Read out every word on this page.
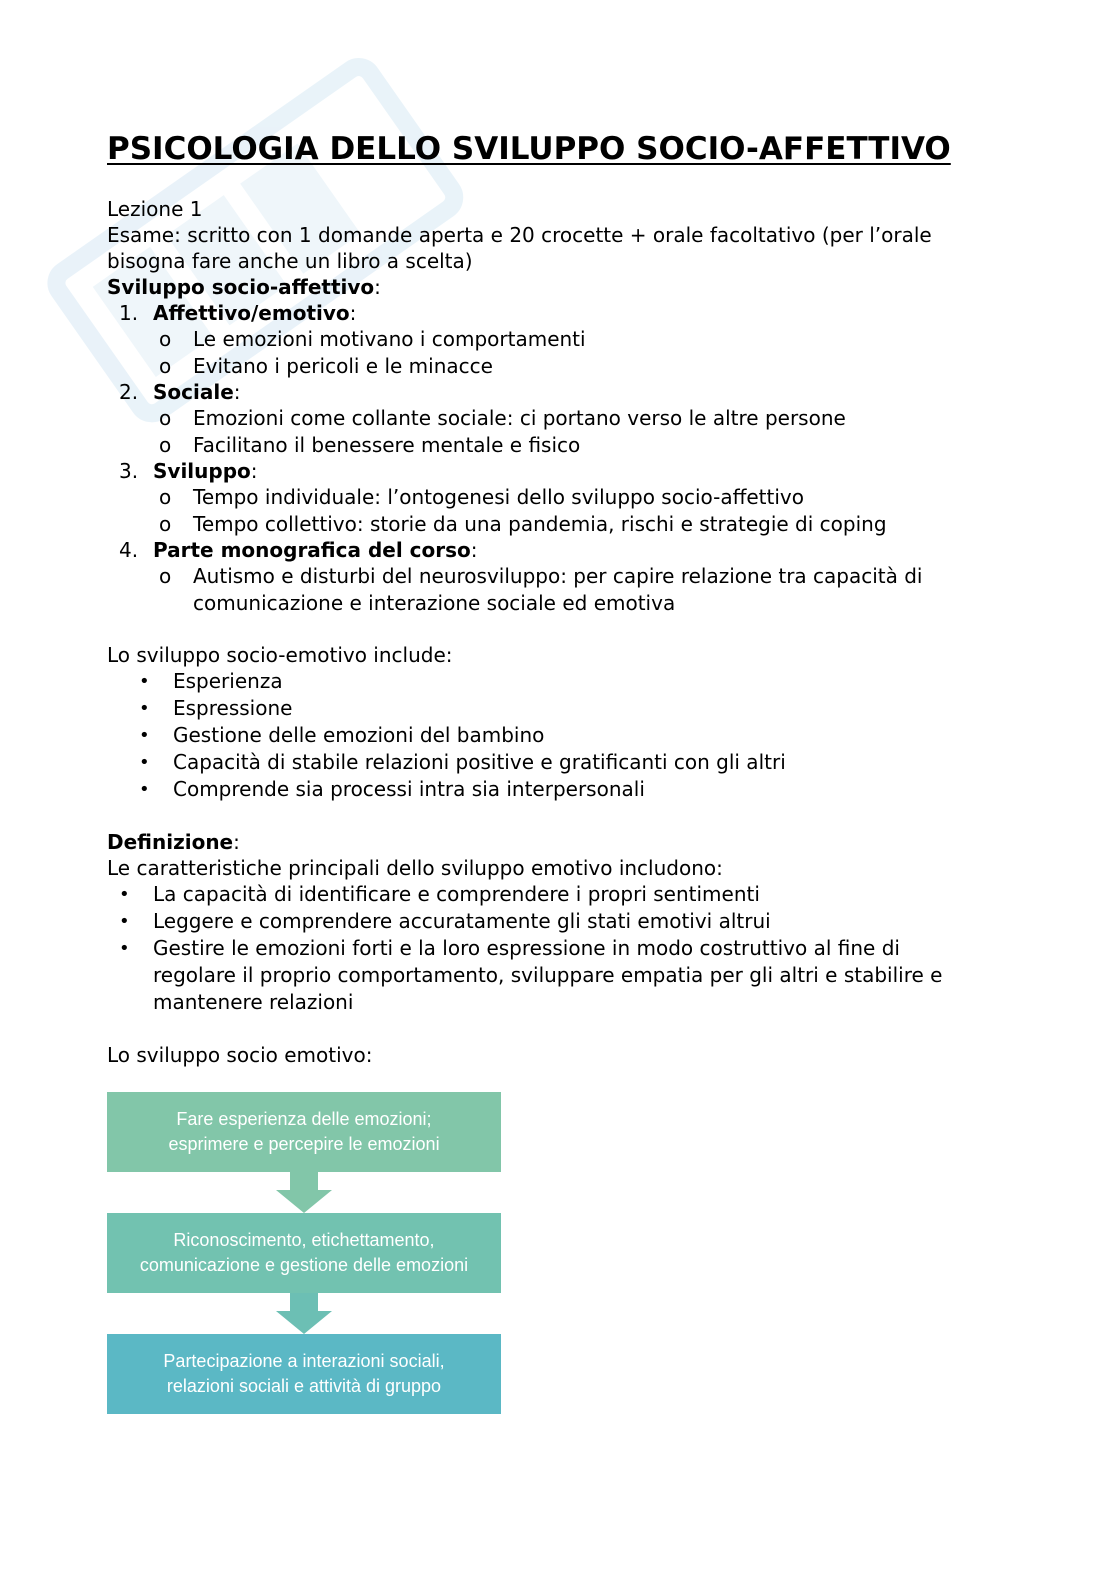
PSICOLOGIA DELLO SVILUPPO SOCIO-AFFETTIVO

Lezione 1

Esame: scritto con 1 domande aperta e 20 crocette + orale facoltativo (per l’orale

bisogna fare anche un libro a scelta)

Sviluppo socio-affettivo:

1. Affettivo/emotivo:
o Le emozioni motivano i comportamenti
o Evitano i pericoli e le minacce
2. Sociale:
o Emozioni come collante sociale: ci portano verso le altre persone
o Facilitano il benessere mentale e fisico
3. Sviluppo:
o Tempo individuale: l’ontogenesi dello sviluppo socio-affettivo
o Tempo collettivo: storie da una pandemia, rischi e strategie di coping
4. Parte monografica del corso:
o Autismo e disturbi del neurosviluppo: per capire relazione tra capacità di comunicazione e interazione sociale ed emotiva

Lo sviluppo socio-emotivo include:

• Esperienza
• Espressione
• Gestione delle emozioni del bambino
• Capacità di stabile relazioni positive e gratificanti con gli altri
• Comprende sia processi intra sia interpersonali

Definizione:

Le caratteristiche principali dello sviluppo emotivo includono:

• La capacità di identificare e comprendere i propri sentimenti
• Leggere e comprendere accuratamente gli stati emotivi altrui
• Gestire le emozioni forti e la loro espressione in modo costruttivo al fine di regolare il proprio comportamento, sviluppare empatia per gli altri e stabilire e mantenere relazioni

Lo sviluppo socio emotivo:

Fare esperienza delle emozioni;
esprimere e percepire le emozioni
Riconoscimento, etichettamento,
comunicazione e gestione delle emozioni
Partecipazione a interazioni sociali,
relazioni sociali e attività di gruppo
